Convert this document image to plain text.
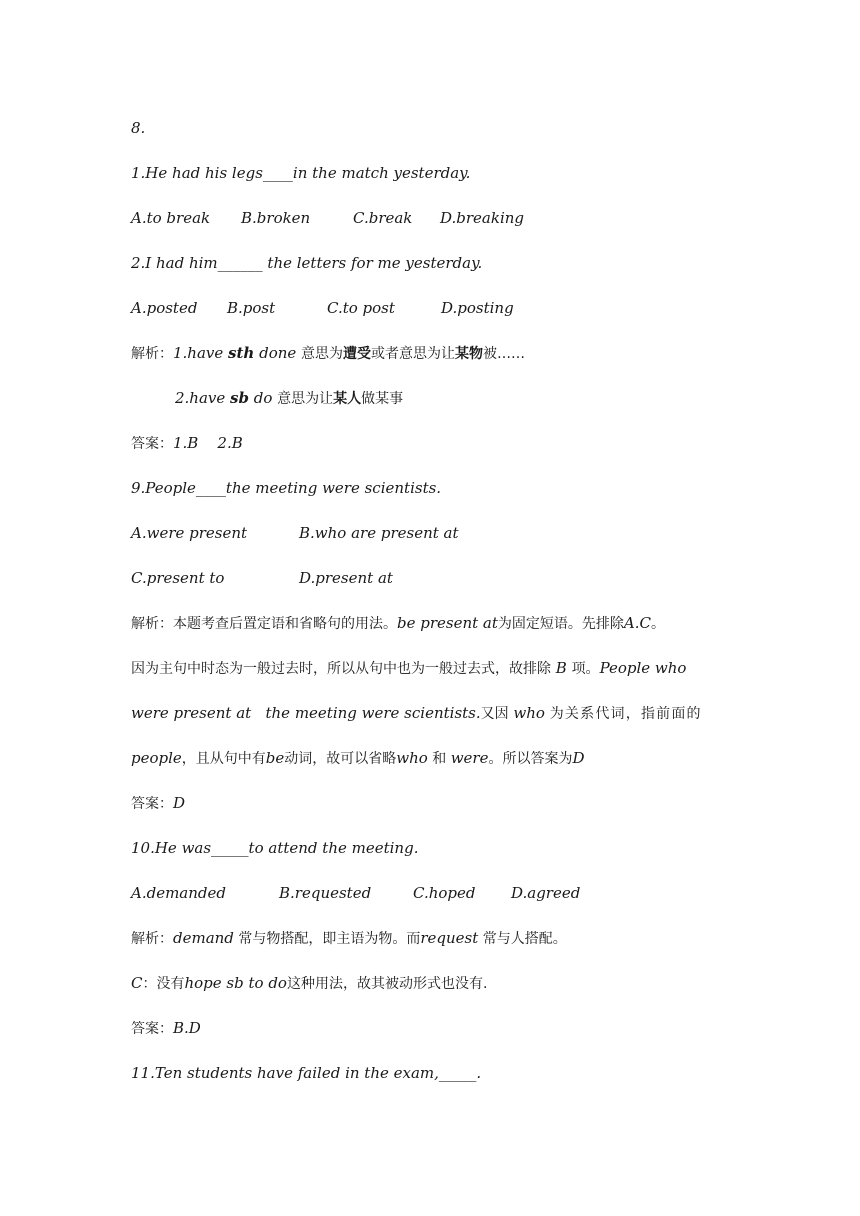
8.
1.He had his legs____in the match yesterday.
A.to break B.broken	C.break D.breaking
2.I had him______ the letters for me yesterday.
A.posted B.post	C.to post	D.posting
解析：1.have sth done 意思为遭受或者意思为让某物被……
2.have sb do 意思为让某人做某事
答案：1.B    2.B
9.People____the meeting were scientists.
A.were present	B.who are present at
C.present to	D.present at
解析：本题考查后置定语和省略句的用法。be present at为固定短语。先排除A.C。
因为主句中时态为一般过去时，所以从句中也为一般过去式，故排除 B 项。People who
were present at   the meeting were scientists.又因 who 为关系代词，指前面的
people，且从句中有be动词，故可以省略who 和 were。所以答案为D
答案：D
10.He was_____to attend the meeting.
A.demanded	B.requested	C.hoped D.agreed
解析：demand 常与物搭配，即主语为物。而request 常与人搭配。
C：没有hope sb to do这种用法，故其被动形式也没有.
答案：B.D
11.Ten students have failed in the exam,_____.
